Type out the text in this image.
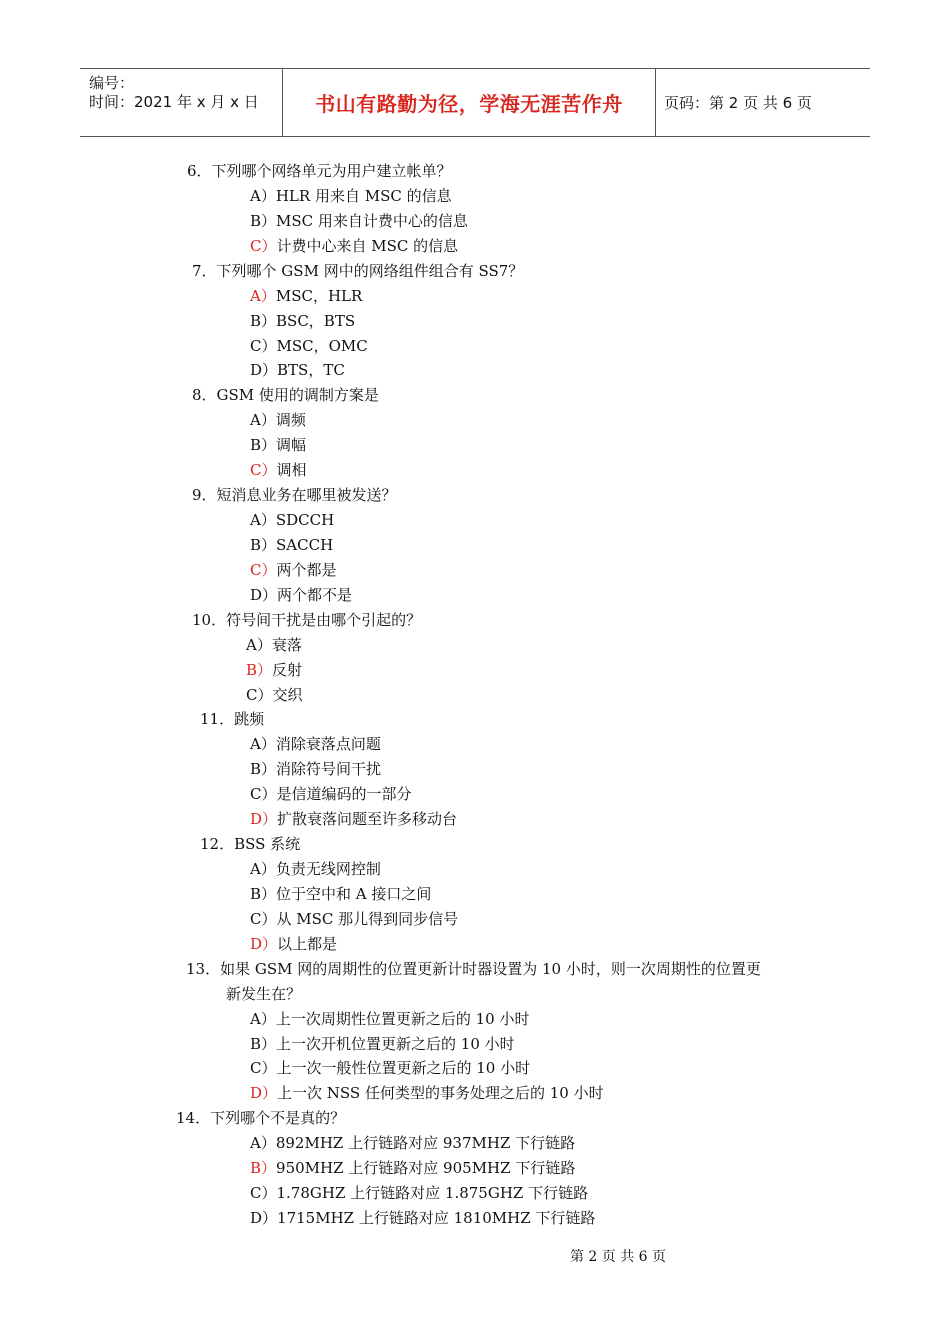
编号：
时间：2021 年 x 月 x 日	书山有路勤为径，学海无涯苦作舟	页码：第 2 页 共 6 页
6．下列哪个网络单元为用户建立帐单？
A）HLR 用来自 MSC 的信息
B）MSC 用来自计费中心的信息
C）计费中心来自 MSC 的信息
7．下列哪个 GSM 网中的网络组件组合有 SS7？
A）MSC，HLR
B）BSC，BTS
C）MSC，OMC
D）BTS，TC
8．GSM 使用的调制方案是
A）调频
B）调幅
C）调相
9．短消息业务在哪里被发送？
A）SDCCH
B）SACCH
C）两个都是
D）两个都不是
10．符号间干扰是由哪个引起的？
A）衰落
B）反射
C）交织
11．跳频
A）消除衰落点问题
B）消除符号间干扰
C）是信道编码的一部分
D）扩散衰落问题至许多移动台
12．BSS 系统
A）负责无线网控制
B）位于空中和 A 接口之间
C）从 MSC 那儿得到同步信号
D）以上都是
13．如果 GSM 网的周期性的位置更新计时器设置为 10 小时，则一次周期性的位置更
新发生在？
A）上一次周期性位置更新之后的 10 小时
B）上一次开机位置更新之后的 10 小时
C）上一次一般性位置更新之后的 10 小时
D）上一次 NSS 任何类型的事务处理之后的 10 小时
14．下列哪个不是真的？
A）892MHZ 上行链路对应 937MHZ 下行链路
B）950MHZ 上行链路对应 905MHZ 下行链路
C）1.78GHZ 上行链路对应 1.875GHZ 下行链路
D）1715MHZ 上行链路对应 1810MHZ 下行链路
第 2 页 共 6 页
